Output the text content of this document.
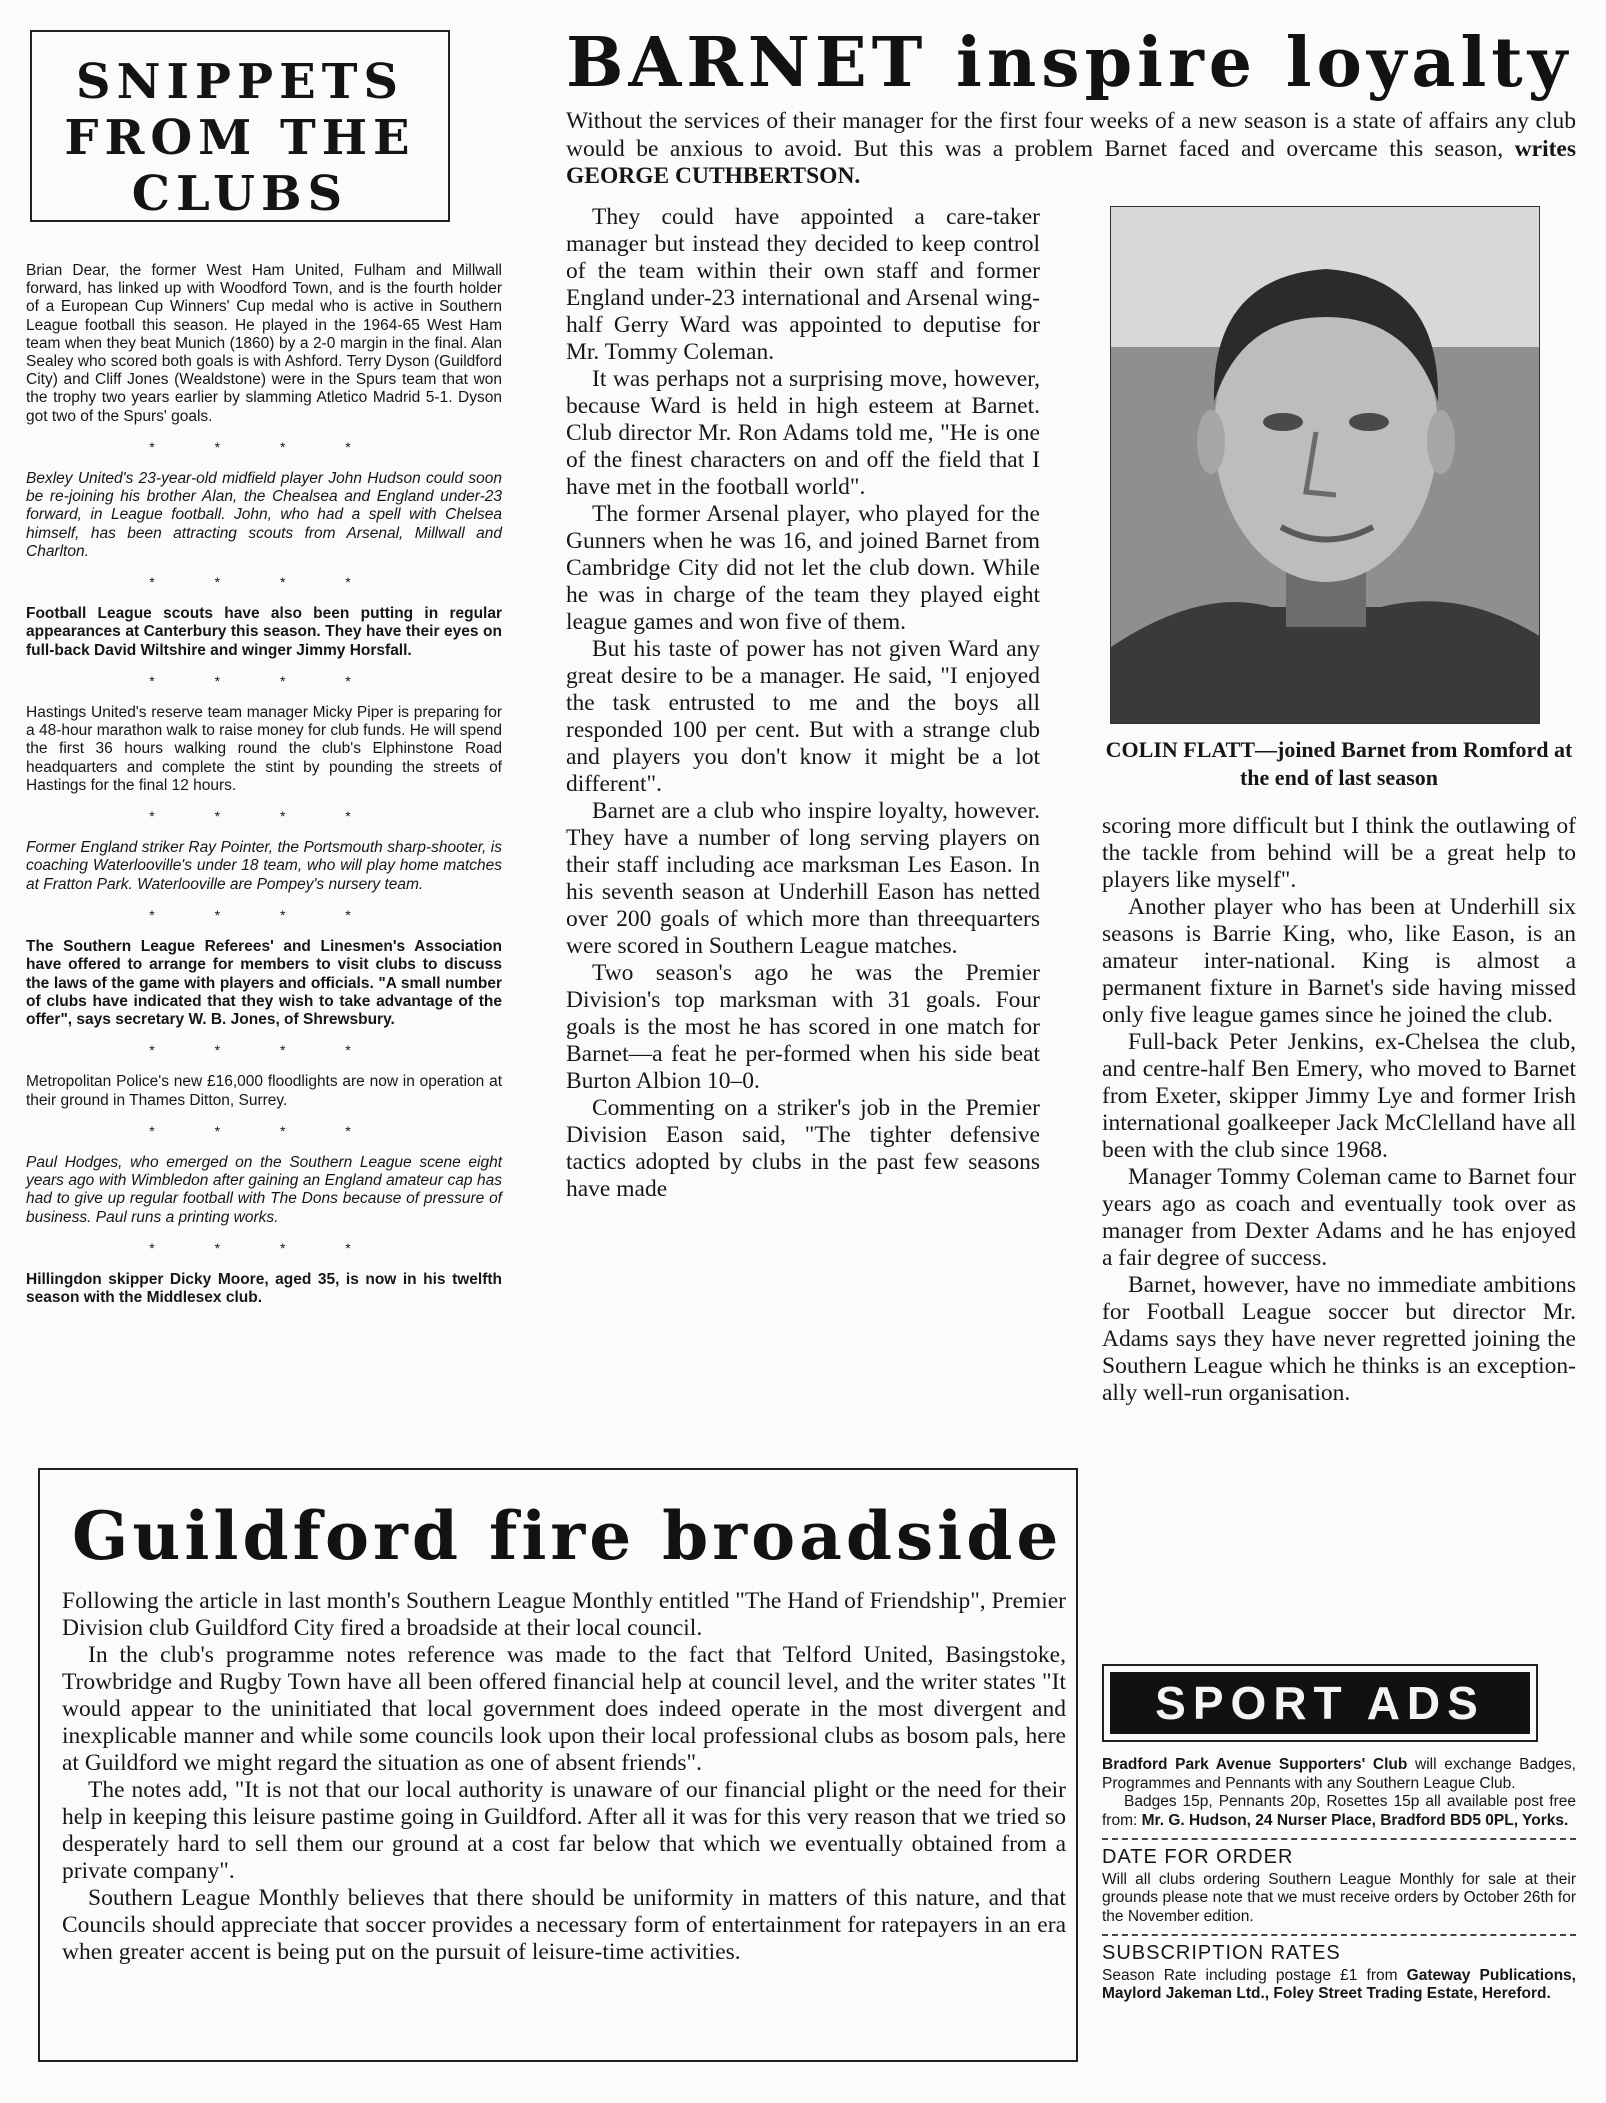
SNIPPETS
FROM THE
CLUBS

Brian Dear, the former West Ham United, Fulham and Millwall forward, has linked up with Woodford Town, and is the fourth holder of a European Cup Winners' Cup medal who is active in Southern League football this season. He played in the 1964-65 West Ham team when they beat Munich (1860) by a 2-0 margin in the final. Alan Sealey who scored both goals is with Ashford. Terry Dyson (Guildford City) and Cliff Jones (Wealdstone) were in the Spurs team that won the trophy two years earlier by slamming Atletico Madrid 5-1. Dyson got two of the Spurs' goals.

* * * *

Bexley United's 23-year-old midfield player John Hudson could soon be re-joining his brother Alan, the Chealsea and England under-23 forward, in League football. John, who had a spell with Chelsea himself, has been attracting scouts from Arsenal, Millwall and Charlton.

* * * *

Football League scouts have also been putting in regular appearances at Canterbury this season. They have their eyes on full-back David Wiltshire and winger Jimmy Horsfall.

* * * *

Hastings United's reserve team manager Micky Piper is preparing for a 48-hour marathon walk to raise money for club funds. He will spend the first 36 hours walking round the club's Elphinstone Road headquarters and complete the stint by pounding the streets of Hastings for the final 12 hours.

* * * *

Former England striker Ray Pointer, the Portsmouth sharp-shooter, is coaching Waterlooville's under 18 team, who will play home matches at Fratton Park. Waterlooville are Pompey's nursery team.

* * * *

The Southern League Referees' and Linesmen's Association have offered to arrange for members to visit clubs to discuss the laws of the game with players and officials. "A small number of clubs have indicated that they wish to take advantage of the offer", says secretary W. B. Jones, of Shrewsbury.

* * * *

Metropolitan Police's new £16,000 floodlights are now in operation at their ground in Thames Ditton, Surrey.

* * * *

Paul Hodges, who emerged on the Southern League scene eight years ago with Wimbledon after gaining an England amateur cap has had to give up regular football with The Dons because of pressure of business. Paul runs a printing works.

* * * *

Hillingdon skipper Dicky Moore, aged 35, is now in his twelfth season with the Middlesex club.

BARNET inspire loyalty
Without the services of their manager for the first four weeks of a new season is a state of affairs any club would be anxious to avoid. But this was a problem Barnet faced and overcame this season, writes GEORGE CUTHBERTSON.

They could have appointed a care-taker manager but instead they decided to keep control of the team within their own staff and former England under-23 international and Arsenal wing-half Gerry Ward was appointed to deputise for Mr. Tommy Coleman.

It was perhaps not a surprising move, however, because Ward is held in high esteem at Barnet. Club director Mr. Ron Adams told me, "He is one of the finest characters on and off the field that I have met in the football world".

The former Arsenal player, who played for the Gunners when he was 16, and joined Barnet from Cambridge City did not let the club down. While he was in charge of the team they played eight league games and won five of them.

But his taste of power has not given Ward any great desire to be a manager. He said, "I enjoyed the task entrusted to me and the boys all responded 100 per cent. But with a strange club and players you don't know it might be a lot different".

Barnet are a club who inspire loyalty, however. They have a number of long serving players on their staff including ace marksman Les Eason. In his seventh season at Underhill Eason has netted over 200 goals of which more than threequarters were scored in Southern League matches.

Two season's ago he was the Premier Division's top marksman with 31 goals. Four goals is the most he has scored in one match for Barnet—a feat he per-formed when his side beat Burton Albion 10–0.

Commenting on a striker's job in the Premier Division Eason said, "The tighter defensive tactics adopted by clubs in the past few seasons have made

COLIN FLATT—joined Barnet from Romford at the end of last season

scoring more difficult but I think the outlawing of the tackle from behind will be a great help to players like myself".

Another player who has been at Underhill six seasons is Barrie King, who, like Eason, is an amateur inter-national. King is almost a permanent fixture in Barnet's side having missed only five league games since he joined the club.

Full-back Peter Jenkins, ex-Chelsea the club, and centre-half Ben Emery, who moved to Barnet from Exeter, skipper Jimmy Lye and former Irish international goalkeeper Jack McClelland have all been with the club since 1968.

Manager Tommy Coleman came to Barnet four years ago as coach and eventually took over as manager from Dexter Adams and he has enjoyed a fair degree of success.

Barnet, however, have no immediate ambitions for Football League soccer but director Mr. Adams says they have never regretted joining the Southern League which he thinks is an exception-ally well-run organisation.

Guildford fire broadside

Following the article in last month's Southern League Monthly entitled "The Hand of Friendship", Premier Division club Guildford City fired a broadside at their local council.

In the club's programme notes reference was made to the fact that Telford United, Basingstoke, Trowbridge and Rugby Town have all been offered financial help at council level, and the writer states "It would appear to the uninitiated that local government does indeed operate in the most divergent and inexplicable manner and while some councils look upon their local professional clubs as bosom pals, here at Guildford we might regard the situation as one of absent friends".

The notes add, "It is not that our local authority is unaware of our financial plight or the need for their help in keeping this leisure pastime going in Guildford. After all it was for this very reason that we tried so desperately hard to sell them our ground at a cost far below that which we eventually obtained from a private company".

Southern League Monthly believes that there should be uniformity in matters of this nature, and that Councils should appreciate that soccer provides a necessary form of entertainment for ratepayers in an era when greater accent is being put on the pursuit of leisure-time activities.

SPORT ADS

Bradford Park Avenue Supporters' Club will exchange Badges, Programmes and Pennants with any Southern League Club.

Badges 15p, Pennants 20p, Rosettes 15p all available post free from: Mr. G. Hudson, 24 Nurser Place, Bradford BD5 0PL, Yorks.

DATE FOR ORDER

Will all clubs ordering Southern League Monthly for sale at their grounds please note that we must receive orders by October 26th for the November edition.

SUBSCRIPTION RATES

Season Rate including postage £1 from Gateway Publications, Maylord Jakeman Ltd., Foley Street Trading Estate, Hereford.
